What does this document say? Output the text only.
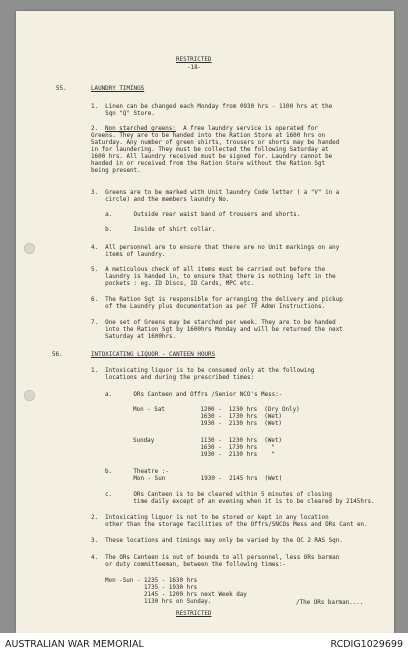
RESTRICTED
-18-
55.	LAUNDRY TIMINGS
1.  Linen can be changed each Monday from 0930 hrs - 1100 hrs at the
Sqn "Q" Store.
2. Non starched greens: A free laundry service is operated for
Greens. They are to be handed into the Ration Store at 1600 hrs on
Saturday. Any number of green shirts, trousers or shorts may be handed
in for laundering. They must be collected the following Saturday at
1600 hrs. All laundry received must be signed for. Laundry cannot be
handed in or received from the Ration Store without the Ration Sgt
being present.
3.  Greens are to be marked with Unit laundry Code letter ( a "V" in a
circle) and the members laundry No.
a.      Outside rear waist band of trousers and shorts.
b.      Inside of shirt collar.
4.  All personnel are to ensure that there are no Unit markings on any
items of laundry.
5.  A meticulous check of all items must be carried out before the
laundry is handed in, to ensure that there is nothing left in the
pockets : eg. ID Discs, ID Cards, MPC etc.
6.  The Ration Sgt is responsible for arranging the delivery and pickup
of the Laundry plus documentation as per TF Admn Instructions.
7.  One set of Greens may be starched per week. They are to be handed
into the Ration Sgt by 1600hrs Monday and will be returned the next
Saturday at 1600hrs.
56.	INTOXICATING LIQUOR - CANTEEN HOURS
1.  Intoxicating liquor is to be consumed only at the following
locations and during the prescribed times:
a.      ORs Canteen and Offrs /Senior NCO's Mess:-
Mon - Sat          1200 -  1230 hrs  (Dry Only)
1630 -  1730 hrs  (Wet)
1930 -  2130 hrs  (Wet)
Sunday             1130 -  1230 hrs  (Wet)
1630 -  1730 hrs    "
1930 -  2130 hrs    "
b.      Theatre :-
Mon - Sun          1930 -  2145 hrs  (Wet)
c.      ORs Canteen is to be cleared within 5 minutes of closing
time daily except of an evening when it is to be cleared by 2145hrs.
2.  Intoxicating liquor is not to be stored or kept in any location
other than the storage facilities of the Offrs/SNCOs Mess and ORs Cant en.
3.  These locations and timings may only be varied by the OC 2 RAS Sqn.
4.  The ORs Canteen is out of bounds to all personnel, less ORs barman
or duty committeeman, between the following times:-
Mon -Sun - 1235 - 1630 hrs
1735 - 1930 hrs
2145 - 1200 hrs next Week day
1130 hrs on Sunday.	/The ORs barman....
RESTRICTED
AUSTRALIAN WAR MEMORIAL	RCDIG1029699
